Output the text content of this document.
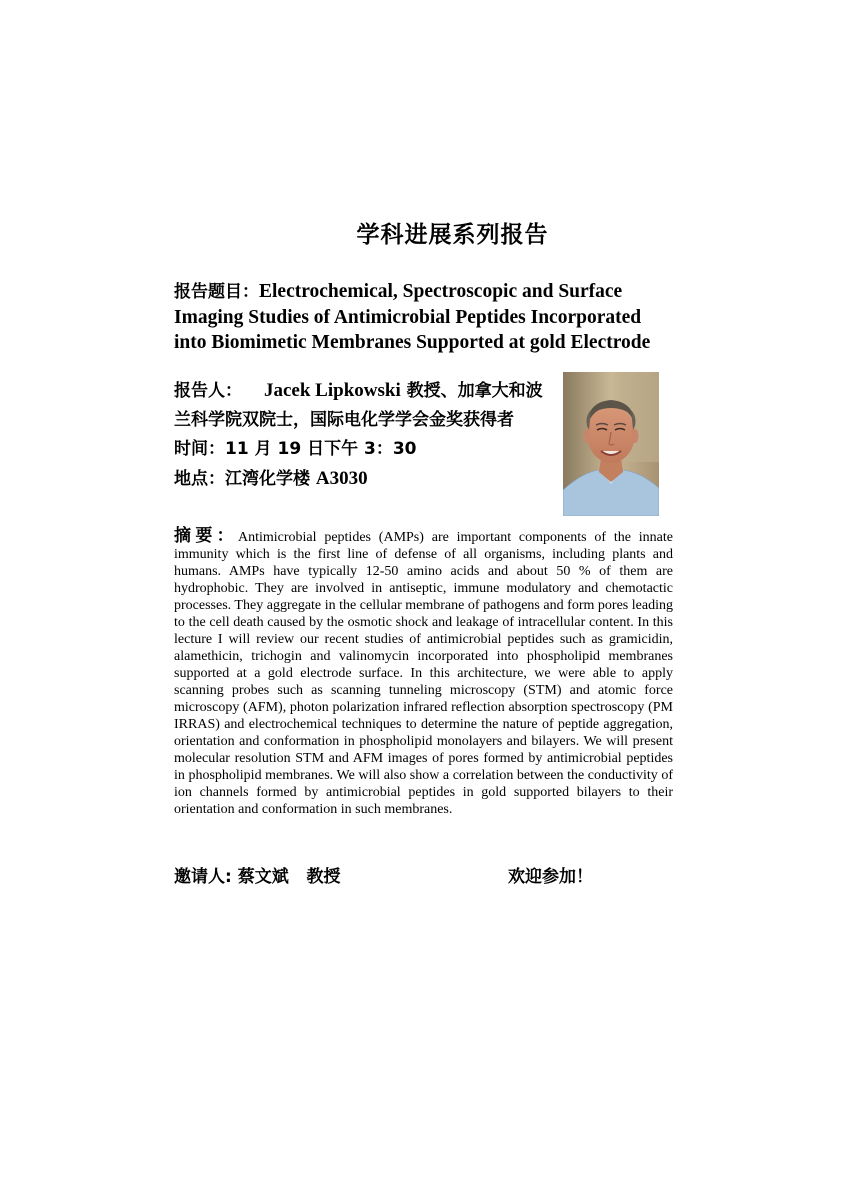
学科进展系列报告
报告题目：Electrochemical, Spectroscopic and Surface Imaging Studies of Antimicrobial Peptides Incorporated into Biomimetic Membranes Supported at gold Electrode
报告人： Jacek Lipkowski 教授、加拿大和波兰科学院双院士，国际电化学学会金奖获得者
时间：11 月 19 日下午 3：30
地点：江湾化学楼 A3030
摘要：Antimicrobial peptides (AMPs) are important components of the innate immunity which is the first line of defense of all organisms, including plants and humans. AMPs have typically 12-50 amino acids and about 50 % of them are hydrophobic. They are involved in antiseptic, immune modulatory and chemotactic processes. They aggregate in the cellular membrane of pathogens and form pores leading to the cell death caused by the osmotic shock and leakage of intracellular content. In this lecture I will review our recent studies of antimicrobial peptides such as gramicidin, alamethicin, trichogin and valinomycin incorporated into phospholipid membranes supported at a gold electrode surface. In this architecture, we were able to apply scanning probes such as scanning tunneling microscopy (STM) and atomic force microscopy (AFM), photon polarization infrared reflection absorption spectroscopy (PM IRRAS) and electrochemical techniques to determine the nature of peptide aggregation, orientation and conformation in phospholipid monolayers and bilayers. We will present molecular resolution STM and AFM images of pores formed by antimicrobial peptides in phospholipid membranes. We will also show a correlation between the conductivity of ion channels formed by antimicrobial peptides in gold supported bilayers to their orientation and conformation in such membranes.
邀请人: 蔡文斌 教授	欢迎参加！
